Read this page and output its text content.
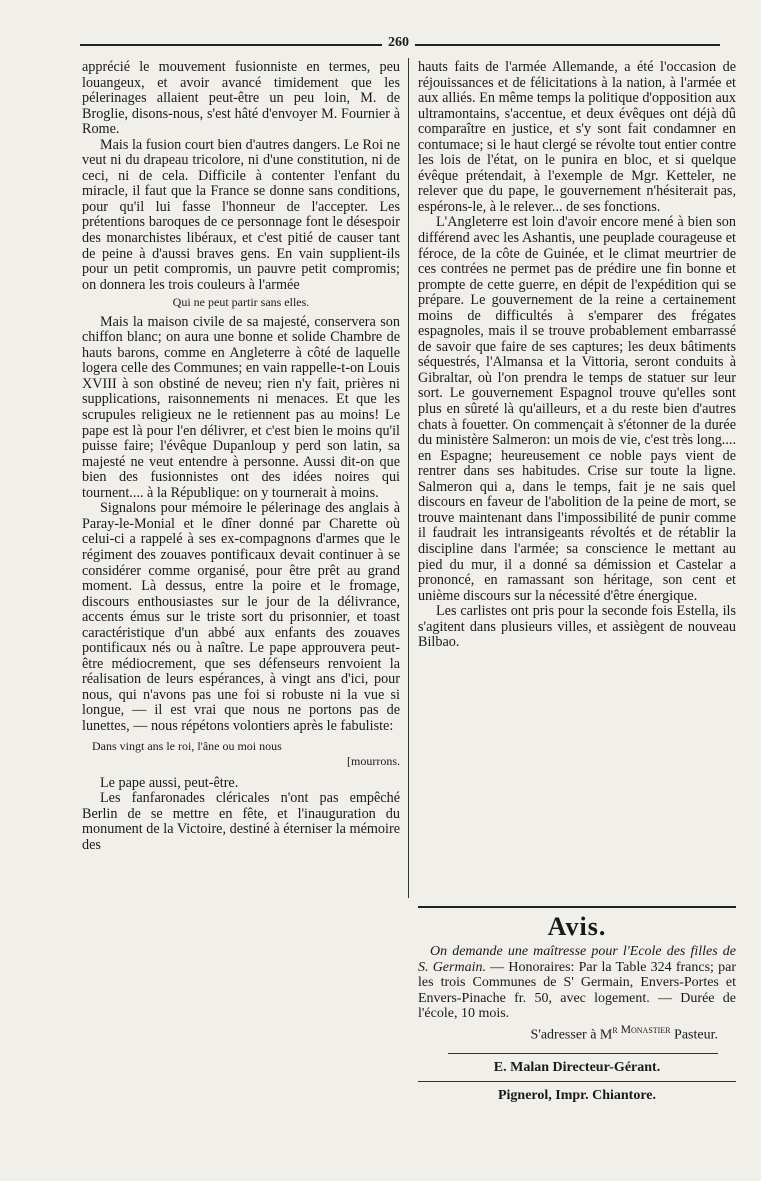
260

apprécié le mouvement fusionniste en termes, peu louangeux, et avoir avancé timidement que les pélerinages allaient peut-être un peu loin, M. de Broglie, disons-nous, s'est hâté d'envoyer M. Fournier à Rome.

Mais la fusion court bien d'autres dangers. Le Roi ne veut ni du drapeau tricolore, ni d'une constitution, ni de ceci, ni de cela. Difficile à contenter l'enfant du miracle, il faut que la France se donne sans conditions, pour qu'il lui fasse l'honneur de l'accepter. Les prétentions baroques de ce personnage font le désespoir des monarchistes libéraux, et c'est pitié de causer tant de peine à d'aussi braves gens. En vain supplient-ils pour un petit compromis, un pauvre petit compromis; on donnera les trois couleurs à l'armée

Qui ne peut partir sans elles.

Mais la maison civile de sa majesté, conservera son chiffon blanc; on aura une bonne et solide Chambre de hauts barons, comme en Angleterre à côté de laquelle logera celle des Communes; en vain rappelle-t-on Louis XVIII à son obstiné de neveu; rien n'y fait, prières ni supplications, raisonnements ni menaces. Et que les scrupules religieux ne le retiennent pas au moins! Le pape est là pour l'en délivrer, et c'est bien le moins qu'il puisse faire; l'évêque Dupanloup y perd son latin, sa majesté ne veut entendre à personne. Aussi dit-on que bien des fusionnistes ont des idées noires qui tournent.... à la République: on y tournerait à moins.

Signalons pour mémoire le pélerinage des anglais à Paray-le-Monial et le dîner donné par Charette où celui-ci a rappelé à ses ex-compagnons d'armes que le régiment des zouaves pontificaux devait continuer à se considérer comme organisé, pour être prêt au grand moment. Là dessus, entre la poire et le fromage, discours enthousiastes sur le jour de la délivrance, accents émus sur le triste sort du prisonnier, et toast caractéristique d'un abbé aux enfants des zouaves pontificaux nés ou à naître. Le pape approuvera peut-être médiocrement, que ses défenseurs renvoient la réalisation de leurs espérances, à vingt ans d'ici, pour nous, qui n'avons pas une foi si robuste ni la vue si longue, — il est vrai que nous ne portons pas de lunettes, — nous répétons volontiers après le fabuliste:

Dans vingt ans le roi, l'âne ou moi nous
[mourrons.

Le pape aussi, peut-être.

Les fanfaronades cléricales n'ont pas empêché Berlin de se mettre en fête, et l'inauguration du monument de la Victoire, destiné à éterniser la mémoire des

hauts faits de l'armée Allemande, a été l'occasion de réjouissances et de félicitations à la nation, à l'armée et aux alliés. En même temps la politique d'opposition aux ultramontains, s'accentue, et deux évêques ont déjà dû comparaître en justice, et s'y sont fait condamner en contumace; si le haut clergé se révolte tout entier contre les lois de l'état, on le punira en bloc, et si quelque évêque prétendait, à l'exemple de Mgr. Ketteler, ne relever que du pape, le gouvernement n'hésiterait pas, espérons-le, à le relever... de ses fonctions.

L'Angleterre est loin d'avoir encore mené à bien son différend avec les Ashantis, une peuplade courageuse et féroce, de la côte de Guinée, et le climat meurtrier de ces contrées ne permet pas de prédire une fin bonne et prompte de cette guerre, en dépit de l'expédition qui se prépare. Le gouvernement de la reine a certainement moins de difficultés à s'emparer des frégates espagnoles, mais il se trouve probablement embarrassé de savoir que faire de ses captures; les deux bâtiments séquestrés, l'Almansa et la Vittoria, seront conduits à Gibraltar, où l'on prendra le temps de statuer sur leur sort. Le gouvernement Espagnol trouve qu'elles sont plus en sûreté là qu'ailleurs, et a du reste bien d'autres chats à fouetter. On commençait à s'étonner de la durée du ministère Salmeron: un mois de vie, c'est très long.... en Espagne; heureusement ce noble pays vient de rentrer dans ses habitudes. Crise sur toute la ligne. Salmeron qui a, dans le temps, fait je ne sais quel discours en faveur de l'abolition de la peine de mort, se trouve maintenant dans l'impossibilité de punir comme il faudrait les intransigeants révoltés et de rétablir la discipline dans l'armée; sa conscience le mettant au pied du mur, il a donné sa démission et Castelar a prononcé, en ramassant son héritage, son cent et unième discours sur la nécessité d'être énergique.

Les carlistes ont pris pour la seconde fois Estella, ils s'agitent dans plusieurs villes, et assiègent de nouveau Bilbao.

Avis.

On demande une maîtresse pour l'Ecole des filles de S. Germain. — Honoraires: Par la Table 324 francs; par les trois Communes de S' Germain, Envers-Portes et Envers-Pinache fr. 50, avec logement. — Durée de l'école, 10 mois.

S'adresser à $M^{r Monastier}$ Pasteur.

E. Malan Directeur-Gérant.

Pignerol, Impr. Chiantore.
